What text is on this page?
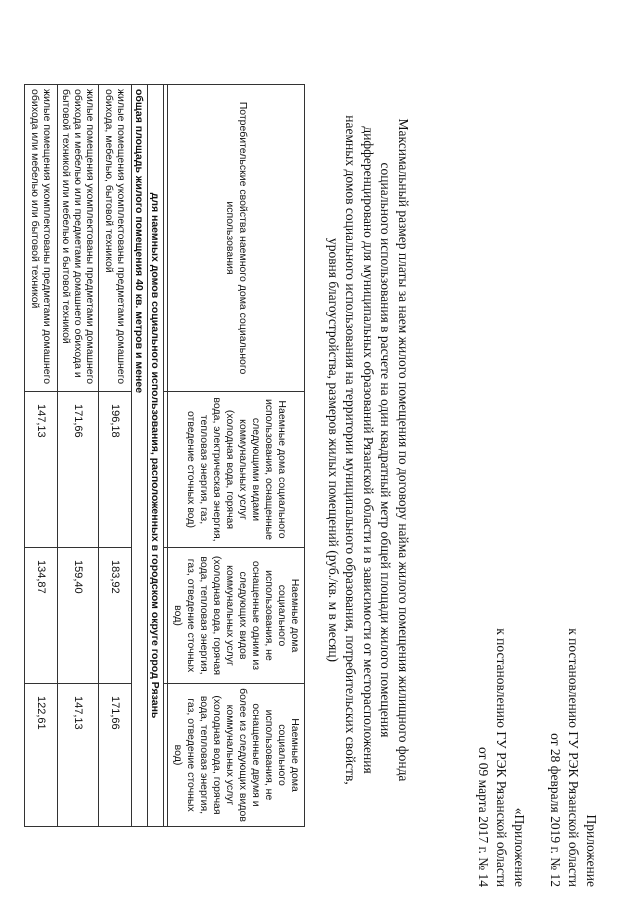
Приложение
к постановлению ГУ РЭК Рязанской области
от 28 февраля 2019 г. № 12
«Приложение
к постановлению ГУ РЭК Рязанской области
от 09 марта 2017 г. № 14
Максимальный размер платы за наем жилого помещения по договору найма жилого помещения жилищного фонда
социального использования в расчете на один квадратный метр общей площади жилого помещения
дифференцировано для муниципальных образований Рязанской области и в зависимости от месторасположения
наемных домов социального использования на территории муниципального образования, потребительских свойств,
уровня благоустройства, размеров жилых помещений (руб./кв. м в месяц)
Потребительские свойства наемного дома социального использования	Наемные дома социального использования, оснащенные следующими видами коммунальных услуг (холодная вода, горячая вода, электрическая энергия, тепловая энергия, газ, отведение сточных вод)	Наемные дома социального использования, не оснащенные одним из следующих видов коммунальных услуг (холодная вода, горячая вода, тепловая энергия, газ, отведение сточных вод)	Наемные дома социального использования, не оснащенные двумя и более из следующих видов коммунальных услуг (холодная вода, горячая вода, тепловая энергия, газ, отведение сточных вод)

для наемных домов социального использования, расположенных в городском округе город Рязань			
общая площадь жилого помещения 40 кв. метров и менее			
жилые помещения укомплектованы предметами домашнего обихода, мебелью, бытовой техникой	196,18	183,92	171,66
жилые помещения укомплектованы предметами домашнего обихода и мебелью или предметами домашнего обихода и бытовой техникой или мебелью и бытовой техникой	171,66	159,40	147,13
жилые помещения укомплектованы предметами домашнего обихода или мебелью или бытовой техникой	147,13	134,87	122,61
